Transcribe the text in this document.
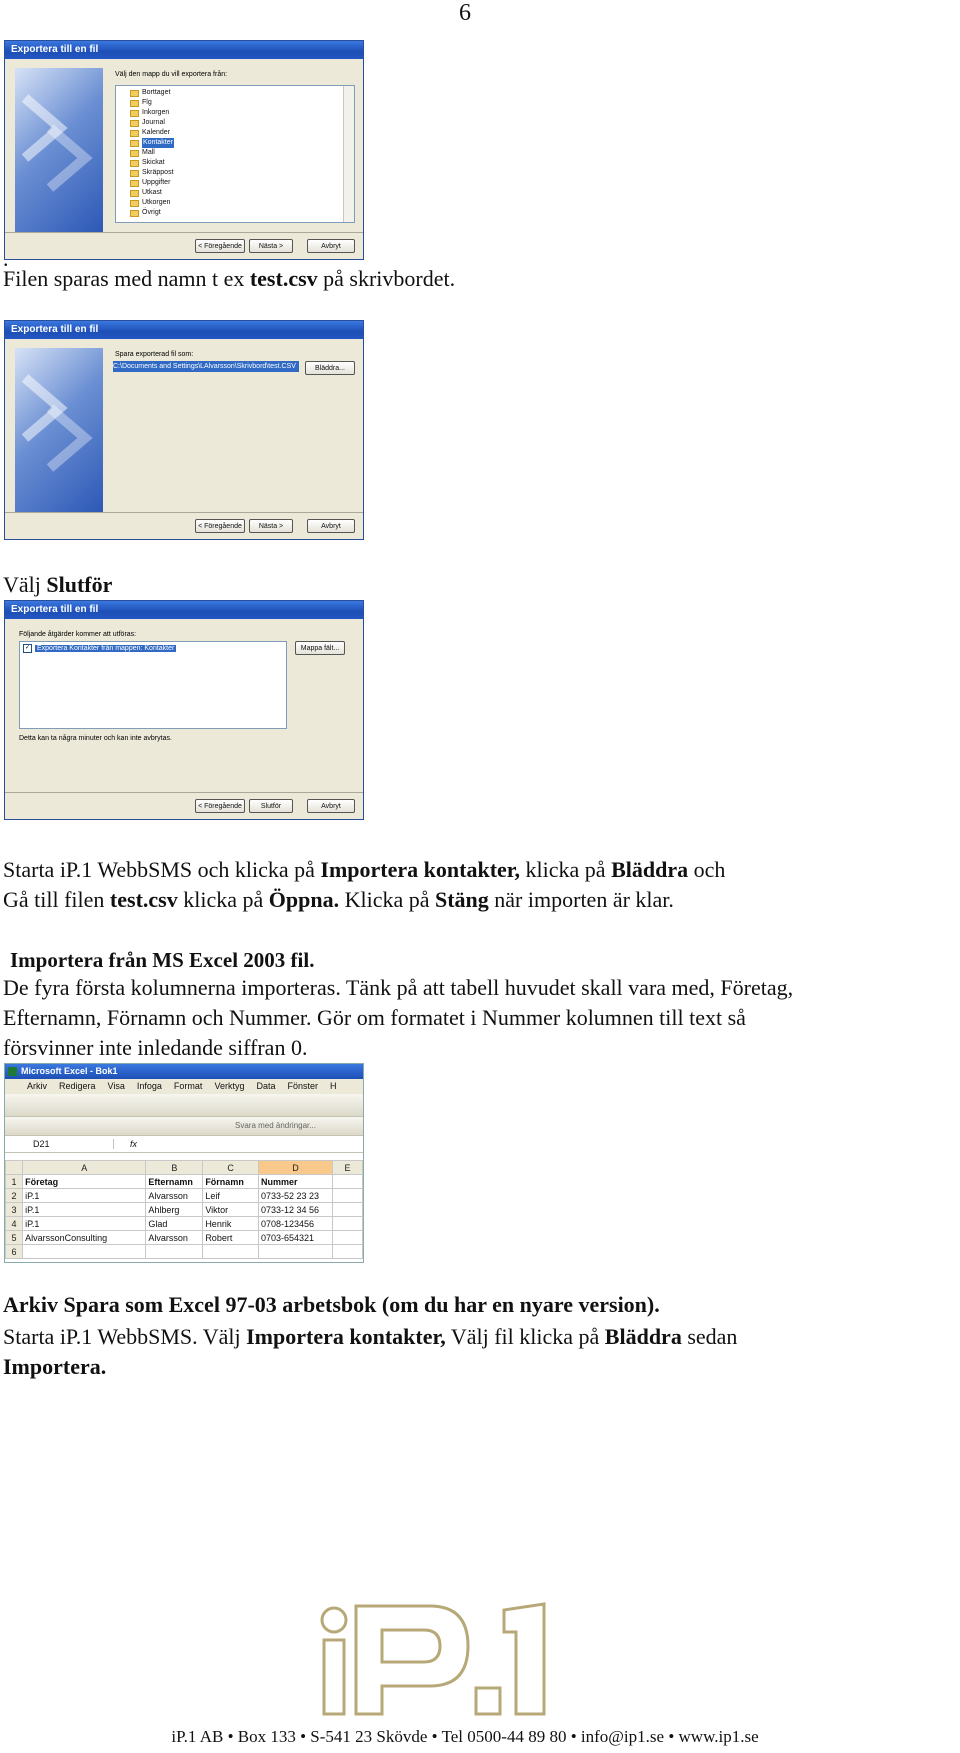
6
Exportera till en fil
Välj den mapp du vill exportera från:
Borttaget
Flg
Inkorgen
Journal
Kalender
Kontakter
Mall
Skickat
Skräppost
Uppgifter
Utkast
Utkorgen
Övrigt
< Föregående	Nästa >	Avbryt
.
Filen sparas med namn t ex test.csv på skrivbordet.
Exportera till en fil
Spara exporterad fil som:
C:\Documents and Settings\LAlvarsson\Skrivbord\test.CSV	Bläddra...
< Föregående	Nästa >	Avbryt
Välj Slutför
Exportera till en fil
Följande åtgärder kommer att utföras:
✓ Exportera Kontakter från mappen: Kontakter	Mappa fält...
Detta kan ta några minuter och kan inte avbrytas.
< Föregående	Slutför	Avbryt
Starta iP.1 WebbSMS och klicka på Importera kontakter, klicka på Bläddra och
Gå till filen test.csv klicka på Öppna. Klicka på Stäng när importen är klar.
Importera från MS Excel 2003 fil.
De fyra första kolumnerna importeras. Tänk på att tabell huvudet skall vara med, Företag,
Efternamn, Förnamn och Nummer. Gör om formatet i Nummer kolumnen till text så
försvinner inte inledande siffran 0.
Microsoft Excel - Bok1
Arkiv Redigera Visa Infoga Format Verktyg Data Fönster H
Svara med ändringar...
D21	fx
	A	B	C	D	E
1	Företag	Efternamn	Förnamn	Nummer	
2	iP.1	Alvarsson	Leif	0733-52 23 23	
3	iP.1	Ahlberg	Viktor	0733-12 34 56	
4	iP.1	Glad	Henrik	0708-123456	
5	AlvarssonConsulting	Alvarsson	Robert	0703-654321	
6					
Arkiv Spara som Excel 97-03 arbetsbok (om du har en nyare version).
Starta iP.1 WebbSMS. Välj Importera kontakter, Välj fil klicka på Bläddra sedan
Importera.
iP.1 AB • Box 133 • S-541 23 Skövde • Tel 0500-44 89 80 • info@ip1.se • www.ip1.se
